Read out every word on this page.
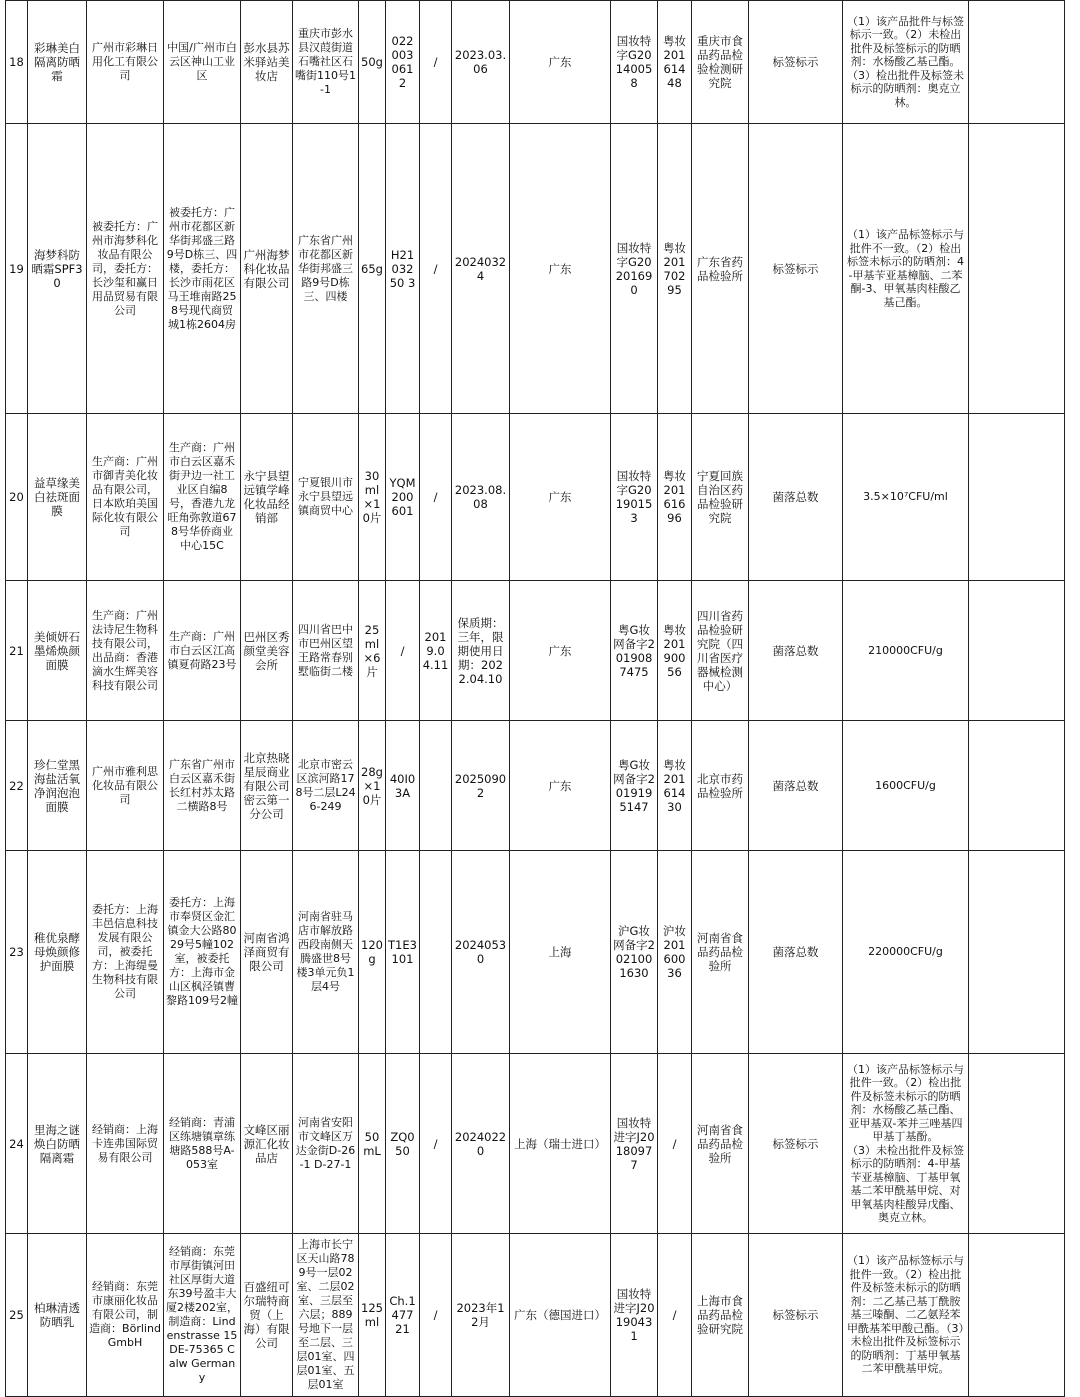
18	彩琳美白隔离防晒霜	广州市彩琳日用化工有限公司	中国/广州市白云区神山工业区	彭水县苏米驿站美妆店	重庆市彭水县汉葭街道石嘴社区石嘴街110号1-1	50g	0220030612	/	2023.03.06	广东	国妆特字G20140058	粤妆20161448	重庆市食品药品检验检测研究院	标签标示	（1）该产品批件与标签标示一致。（2）未检出批件及标签标示的防晒剂：水杨酸乙基己酯。（3）检出批件及标签未标示的防晒剂：奥克立林。	

19	海梦科防晒霜SPF30	被委托方：广州市海梦科化妆品有限公司，委托方：长沙玺和赢日用品贸易有限公司	被委托方：广州市花都区新华街邦盛三路9号D栋三、四楼，委托方：长沙市雨花区马王堆南路258号现代商贸城1栋2604房	广州海梦科化妆品有限公司	广东省广州市花都区新华街邦盛三路9号D栋三、四楼	65g	H2103250 3	/	20240324	广东	国妆特字G20201690	粤妆20170295	广东省药品检验所	标签标示	（1）该产品标签标示与批件不一致。（2）检出标签未标示的防晒剂：4-甲基苄亚基樟脑、二苯酮-3、甲氧基肉桂酸乙基己酯。	

20	益草缘美白祛斑面膜	生产商：广州市御青美化妆品有限公司，日本欧珀美国际化妆有限公司	生产商：广州市白云区嘉禾街尹边一社工业区自编8号，香港九龙旺角弥敦道678号华侨商业中心15C	永宁县望远镇学峰化妆品经销部	宁夏银川市永宁县望远镇商贸中心	30ml×10片	YQM200601	/	2023.08.08	广东	国妆特字G20190153	粤妆20161696	宁夏回族自治区药品检验研究院	菌落总数	3.5×10⁷CFU/ml	

21	美倾妍石墨烯焕颜面膜	生产商：广州法诗尼生物科技有限公司，出品商：香港滴水生辉美容科技有限公司	生产商：广州市白云区江高镇夏荷路23号	巴州区秀颜堂美容会所	四川省巴中市巴州区望王路常春别墅临街二楼	25ml×6片	/	2019.04.11	保质期：三年，限期使用日期：2022.04.10	广东	粤G妆网备字2019087475	粤妆20190056	四川省药品检验研究院（四川省医疗器械检测中心）	菌落总数	210000CFU/g	

22	珍仁堂黑海盐活氧净润泡泡面膜	广州市雅利思化妆品有限公司	广东省广州市白云区嘉禾街长红村苏太路二横路8号	北京热晓星辰商业有限公司密云第一分公司	北京市密云区滨河路178号二层L246-249	28g×10片	40I03A		20250902	广东	粤G妆网备字2019195147	粤妆20161430	北京市药品检验所	菌落总数	1600CFU/g	

23	稚优泉酵母焕颜修护面膜	委托方：上海丰邑信息科技发展有限公司，被委托方：上海缇曼生物科技有限公司	委托方：上海市奉贤区金汇镇金大公路8029号5幢102室，被委托方：上海市金山区枫泾镇曹黎路109号2幢	河南省鸿泽商贸有限公司	河南省驻马店市解放路西段南侧天腾盛世8号楼3单元负1层4号	120g	T1E3101		20240530	上海	沪G妆网备字2021001630	沪妆20160036	河南省食品药品检验所	菌落总数	220000CFU/g	

24	里海之谜焕白防晒隔离霜	经销商：上海卡连弗国际贸易有限公司	经销商：青浦区练塘镇章练塘路588号A-053室	文峰区丽源汇化妆品店	河南省安阳市文峰区万达金街D-26-1 D-27-1	50mL	ZQ050	/	20240220	上海（瑞士进口）	国妆特进字J20180977	/	河南省食品药品检验所	标签标示	（1）该产品标签标示与批件一致。（2）检出批件及标签未标示的防晒剂：水杨酸乙基己酯、亚甲基双-苯并三唑基四甲基丁基酚。
（3）未检出批件及标签标示的防晒剂：4-甲基苄亚基樟脑、丁基甲氧基二苯甲酰基甲烷、对甲氧基肉桂酸异戊酯、奥克立林。	

25	柏琳清透防晒乳	经销商：东莞市康丽化妆品有限公司，制造商：Börlind GmbH	经销商：东莞市厚街镇河田社区厚街大道东39号盈丰大厦2楼202室，制造商：Lindenstrasse 15 DE-75365 Calw Germany	百盛纽可尔瑞特商贸（上海）有限公司	上海市长宁区天山路789号一层02室、二层02室、三层至六层；889号地下一层至二层、三层01室、四层01室、五层01室	125ml	Ch.147721	/	2023年12月	广东（德国进口）	国妆特进字J20190431	/	上海市食品药品检验研究院	标签标示	（1）该产品标签标示与批件一致。（2）检出批件及标签未标示的防晒剂：二乙基己基丁酰胺基三嗪酮、二乙氨羟苯甲酰基苯甲酸己酯。（3）未检出批件及标签标示的防晒剂：丁基甲氧基二苯甲酰基甲烷。	
